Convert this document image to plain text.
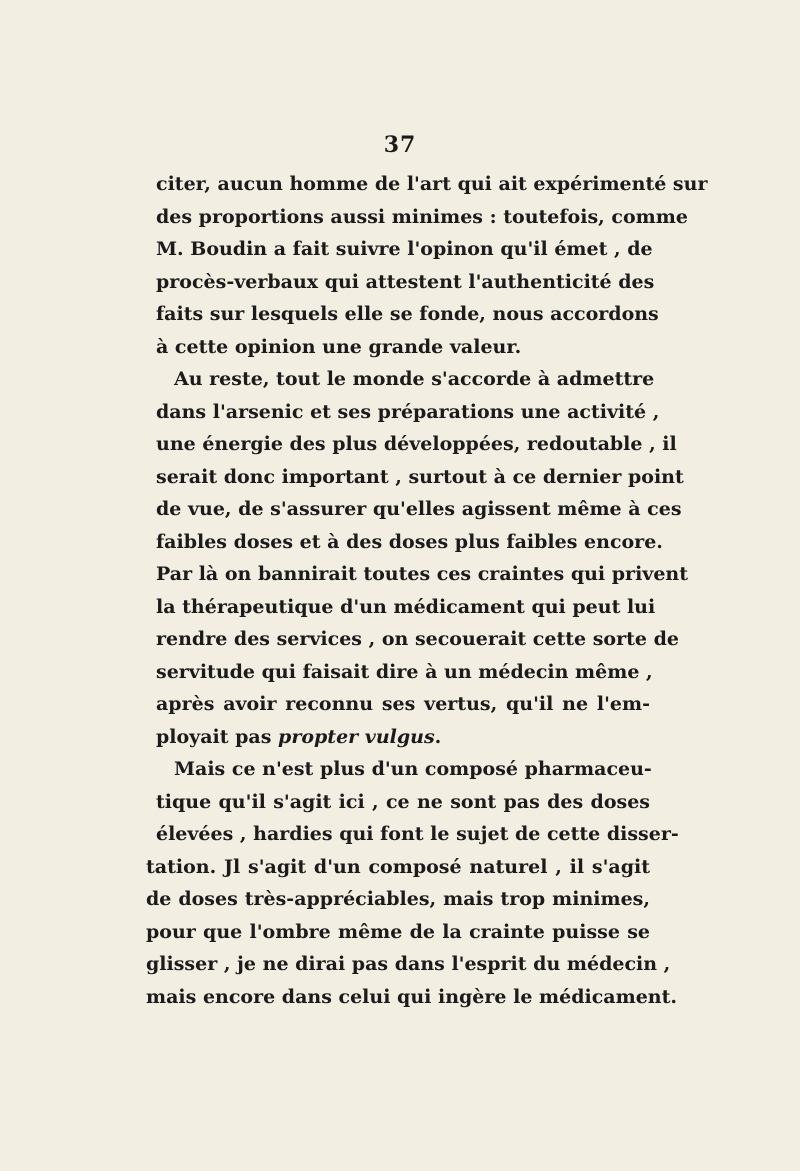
37
citer, aucun homme de l'art qui ait expérimenté sur
des proportions aussi minimes : toutefois, comme
M. Boudin a fait suivre l'opinon qu'il émet , de
procès-verbaux qui attestent l'authenticité des
faits sur lesquels elle se fonde, nous accordons
à cette opinion une grande valeur.
Au reste, tout le monde s'accorde à admettre
dans l'arsenic et ses préparations une activité ,
une énergie des plus développées, redoutable , il
serait donc important , surtout à ce dernier point
de vue, de s'assurer qu'elles agissent même à ces
faibles doses et à des doses plus faibles encore.
Par là on bannirait toutes ces craintes qui privent
la thérapeutique d'un médicament qui peut lui
rendre des services , on secouerait cette sorte de
servitude qui faisait dire à un médecin même ,
après avoir reconnu ses vertus, qu'il ne l'em-
ployait pas propter vulgus.
Mais ce n'est plus d'un composé pharmaceu-
tique qu'il s'agit ici , ce ne sont pas des doses
élevées , hardies qui font le sujet de cette disser-
tation. Jl s'agit d'un composé naturel , il s'agit
de doses très-appréciables, mais trop minimes,
pour que l'ombre même de la crainte puisse se
glisser , je ne dirai pas dans l'esprit du médecin ,
mais encore dans celui qui ingère le médicament.
